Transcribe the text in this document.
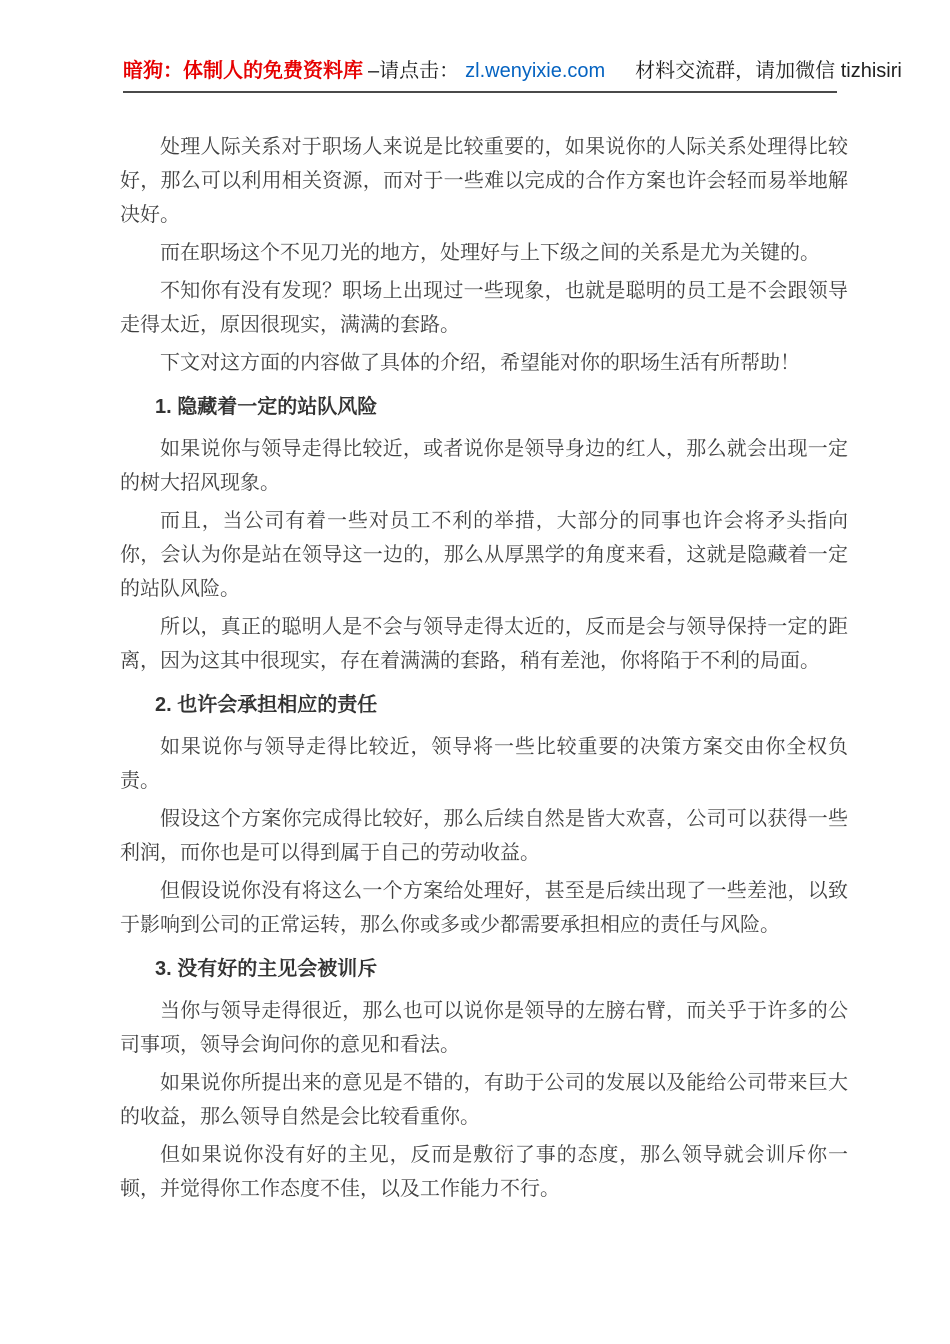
暗狗：体制人的免费资料库 –请点击： zl.wenyixie.com 材料交流群，请加微信 tizhisiri

处理人际关系对于职场人来说是比较重要的，如果说你的人际关系处理得比较好，那么可以利用相关资源，而对于一些难以完成的合作方案也许会轻而易举地解决好。

而在职场这个不见刀光的地方，处理好与上下级之间的关系是尤为关键的。

不知你有没有发现？职场上出现过一些现象，也就是聪明的员工是不会跟领导走得太近，原因很现实，满满的套路。

下文对这方面的内容做了具体的介绍，希望能对你的职场生活有所帮助！

1. 隐藏着一定的站队风险

如果说你与领导走得比较近，或者说你是领导身边的红人，那么就会出现一定的树大招风现象。

而且，当公司有着一些对员工不利的举措，大部分的同事也许会将矛头指向你，会认为你是站在领导这一边的，那么从厚黑学的角度来看，这就是隐藏着一定的站队风险。

所以，真正的聪明人是不会与领导走得太近的，反而是会与领导保持一定的距离，因为这其中很现实，存在着满满的套路，稍有差池，你将陷于不利的局面。

2. 也许会承担相应的责任

如果说你与领导走得比较近，领导将一些比较重要的决策方案交由你全权负责。

假设这个方案你完成得比较好，那么后续自然是皆大欢喜，公司可以获得一些利润，而你也是可以得到属于自己的劳动收益。

但假设说你没有将这么一个方案给处理好，甚至是后续出现了一些差池，以致于影响到公司的正常运转，那么你或多或少都需要承担相应的责任与风险。

3. 没有好的主见会被训斥

当你与领导走得很近，那么也可以说你是领导的左膀右臂，而关乎于许多的公司事项，领导会询问你的意见和看法。

如果说你所提出来的意见是不错的，有助于公司的发展以及能给公司带来巨大的收益，那么领导自然是会比较看重你。

但如果说你没有好的主见，反而是敷衍了事的态度，那么领导就会训斥你一顿，并觉得你工作态度不佳，以及工作能力不行。
